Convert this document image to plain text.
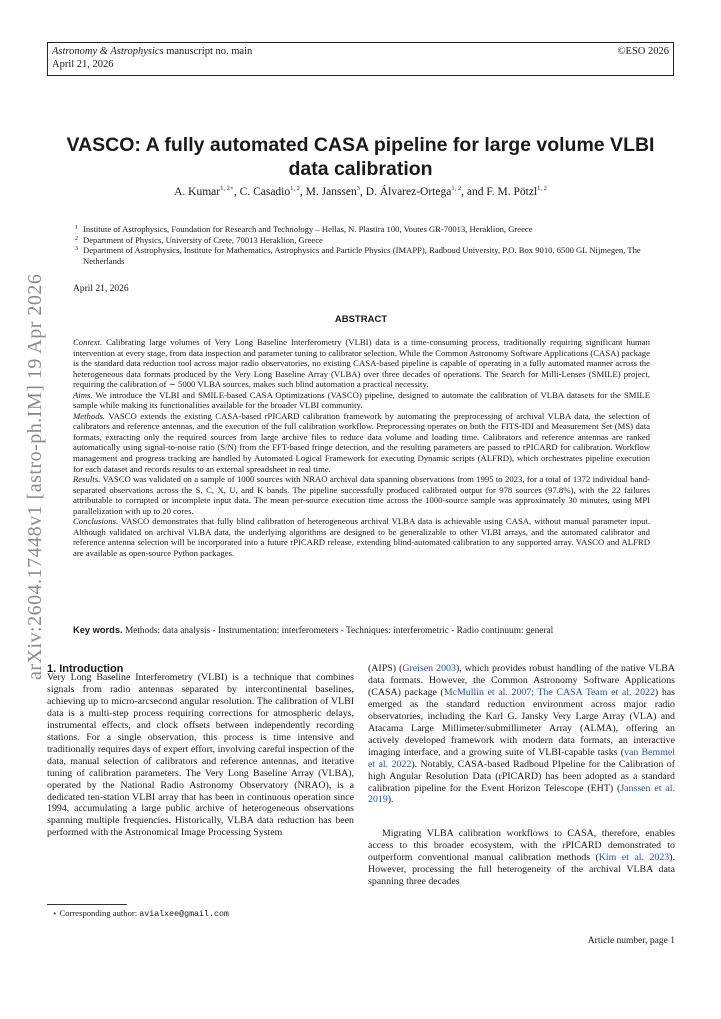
Astronomy & Astrophysics manuscript no. main
April 21, 2026
©ESO 2026
arXiv:2604.17448v1 [astro-ph.IM] 19 Apr 2026
VASCO: A fully automated CASA pipeline for large volume VLBI data calibration
A. Kumar$^{1, 2⋆}$, C. Casadio$^{1, 2}$, M. Janssen$^3$, D. Álvarez-Ortega$^{1, 2}$, and F. M. Pötzl$^{1, 2}$
1 Institute of Astrophysics, Foundation for Research and Technology – Hellas, N. Plastira 100, Voutes GR-70013, Heraklion, Greece
2 Department of Physics, University of Crete, 70013 Heraklion, Greece
3 Department of Astrophysics, Institute for Mathematics, Astrophysics and Particle Physics (IMAPP), Radboud University, P.O. Box 9010, 6500 GL Nijmegen, The Netherlands
April 21, 2026
ABSTRACT

Context. Calibrating large volumes of Very Long Baseline Interferometry (VLBI) data is a time-consuming process, traditionally requiring significant human intervention at every stage, from data inspection and parameter tuning to calibrator selection. While the Common Astronomy Software Applications (CASA) package is the standard data reduction tool across major radio observatories, no existing CASA-based pipeline is capable of operating in a fully automated manner across the heterogeneous data formats produced by the Very Long Baseline Array (VLBA) over three decades of operations. The Search for Milli-Lenses (SMILE) project, requiring the calibration of ∼ 5000 VLBA sources, makes such blind automation a practical necessity.

Aims. We introduce the VLBI and SMILE-based CASA Optimizations (VASCO) pipeline, designed to automate the calibration of VLBA datasets for the SMILE sample while making its functionalities available for the broader VLBI community.

Methods. VASCO extends the existing CASA-based rPICARD calibration framework by automating the preprocessing of archival VLBA data, the selection of calibrators and reference antennas, and the execution of the full calibration workflow. Preprocessing operates on both the FITS-IDI and Measurement Set (MS) data formats, extracting only the required sources from large archive files to reduce data volume and loading time. Calibrators and reference antennas are ranked automatically using signal-to-noise ratio (S/N) from the FFT-based fringe detection, and the resulting parameters are passed to rPICARD for calibration. Workflow management and progress tracking are handled by Automated Logical Framework for executing Dynamic scripts (ALFRD), which orchestrates pipeline execution for each dataset and records results to an external spreadsheet in real time.

Results. VASCO was validated on a sample of 1000 sources with NRAO archival data spanning observations from 1995 to 2023, for a total of 1372 individual band-separated observations across the S, C, X, U, and K bands. The pipeline successfully produced calibrated output for 978 sources (97.8%), with the 22 failures attributable to corrupted or incomplete input data. The mean per-source execution time across the 1000-source sample was approximately 30 minutes, using MPI parallelization with up to 20 cores.

Conclusions. VASCO demonstrates that fully blind calibration of heterogeneous archival VLBA data is achievable using CASA, without manual parameter input. Although validated on archival VLBA data, the underlying algorithms are designed to be generalizable to other VLBI arrays, and the automated calibrator and reference antenna selection will be incorporated into a future rPICARD release, extending blind-automated calibration to any supported array. VASCO and ALFRD are available as open-source Python packages.

Key words. Methods: data analysis - Instrumentation: interferometers - Techniques: interferometric - Radio continuum: general
1. Introduction

Very Long Baseline Interferometry (VLBI) is a technique that combines signals from radio antennas separated by intercontinental baselines, achieving up to micro-arcsecond angular resolution. The calibration of VLBI data is a multi-step process requiring corrections for atmospheric delays, instrumental effects, and clock offsets between independently recording stations. For a single observation, this process is time intensive and traditionally requires days of expert effort, involving careful inspection of the data, manual selection of calibrators and reference antennas, and iterative tuning of calibration parameters. The Very Long Baseline Array (VLBA), operated by the National Radio Astronomy Observatory (NRAO), is a dedicated ten-station VLBI array that has been in continuous operation since 1994, accumulating a large public archive of heterogeneous observations spanning multiple frequencies. Historically, VLBA data reduction has been performed with the Astronomical Image Processing System

(AIPS) (Greisen 2003), which provides robust handling of the native VLBA data formats. However, the Common Astronomy Software Applications (CASA) package (McMullin et al. 2007; The CASA Team et al. 2022) has emerged as the standard reduction environment across major radio observatories, including the Karl G. Jansky Very Large Array (VLA) and Atacama Large Millimeter/submillimeter Array (ALMA), offering an actively developed framework with modern data formats, an interactive imaging interface, and a growing suite of VLBI-capable tasks (van Bemmel et al. 2022). Notably, CASA-based Radboud PIpeline for the Calibration of high Angular Resolution Data (rPICARD) has been adopted as a standard calibration pipeline for the Event Horizon Telescope (EHT) (Janssen et al. 2019).

Migrating VLBA calibration workflows to CASA, therefore, enables access to this broader ecosystem, with the rPICARD demonstrated to outperform conventional manual calibration methods (Kim et al. 2023). However, processing the full heterogeneity of the archival VLBA data spanning three decades

⋆ Corresponding author: avialxee@gmail.com
Article number, page 1
